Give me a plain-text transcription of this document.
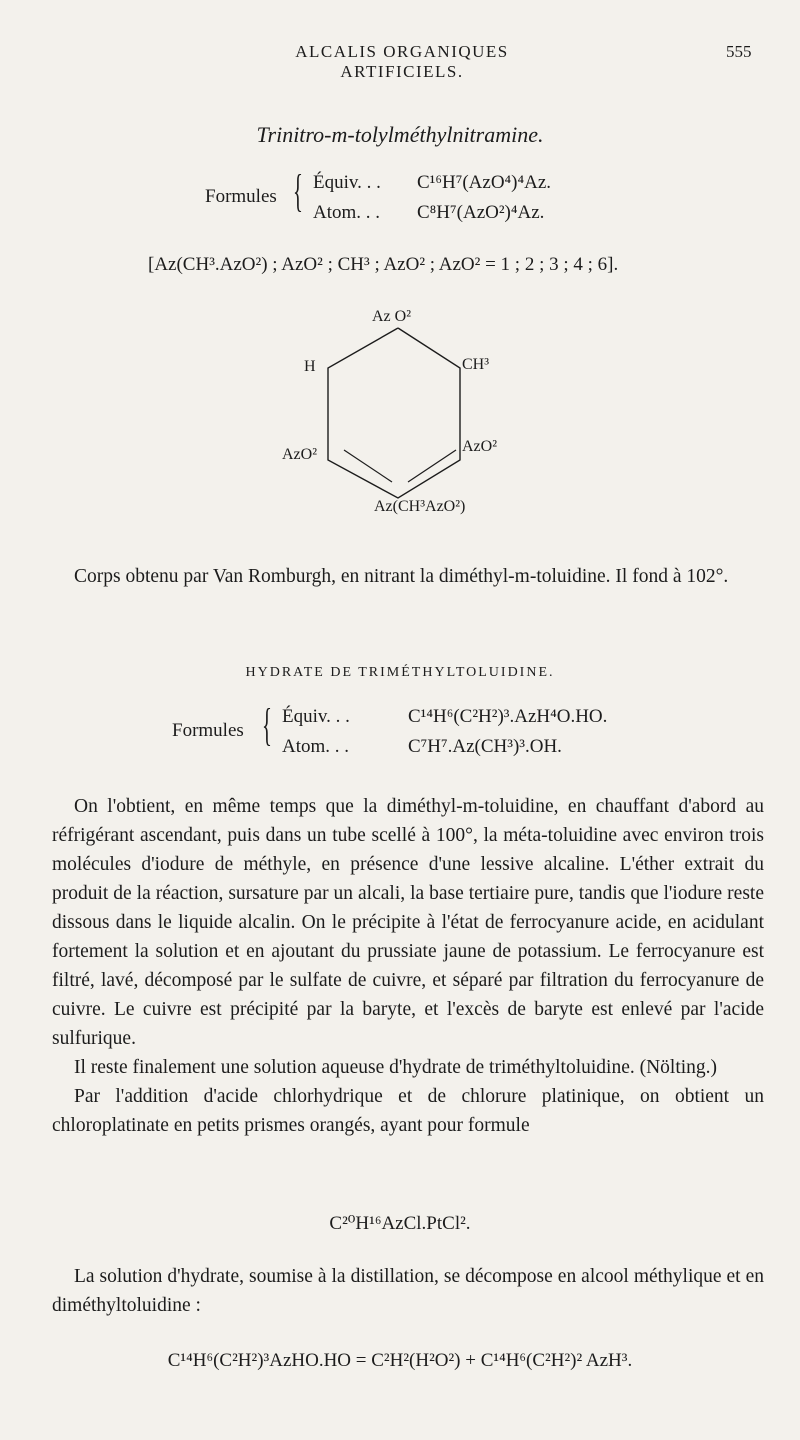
ALCALIS ORGANIQUES ARTIFICIELS.
555
Trinitro-m-tolylméthylnitramine.
Formules { Équiv. . . C¹⁶H⁷(AzO⁴)⁴Az.
Atom. . . C⁸H⁷(AzO²)⁴Az.
[Az(CH³.AzO²) ; AzO² ; CH³ ; AzO² ; AzO² = 1 ; 2 ; 3 ; 4 ; 6].
Az O²
H	CH³
AzO²	AzO²
Az(CH³AzO²)

Corps obtenu par Van Romburgh, en nitrant la diméthyl-m-toluidine. Il fond à 102°.

HYDRATE DE TRIMÉTHYLTOLUIDINE.
Formules { Équiv. . .	C¹⁴H⁶(C²H²)³.AzH⁴O.HO.
Atom. . .	C⁷H⁷.Az(CH³)³.OH.

On l'obtient, en même temps que la diméthyl-m-toluidine, en chauffant d'abord au réfrigérant ascendant, puis dans un tube scellé à 100°, la méta-toluidine avec environ trois molécules d'iodure de méthyle, en présence d'une lessive alcaline. L'éther extrait du produit de la réaction, sursature par un alcali, la base tertiaire pure, tandis que l'iodure reste dissous dans le liquide alcalin. On le précipite à l'état de ferrocyanure acide, en acidulant fortement la solution et en ajoutant du prussiate jaune de potassium. Le ferrocyanure est filtré, lavé, décomposé par le sulfate de cuivre, et séparé par filtration du ferrocyanure de cuivre. Le cuivre est précipité par la baryte, et l'excès de baryte est enlevé par l'acide sulfurique.

Il reste finalement une solution aqueuse d'hydrate de triméthyltoluidine. (Nölting.)

Par l'addition d'acide chlorhydrique et de chlorure platinique, on obtient un chloroplatinate en petits prismes orangés, ayant pour formule

C²⁰H¹⁶AzCl.PtCl².

La solution d'hydrate, soumise à la distillation, se décompose en alcool méthylique et en diméthyltoluidine :

C¹⁴H⁶(C²H²)³AzHO.HO = C²H²(H²O²) + C¹⁴H⁶(C²H²)² AzH³.
